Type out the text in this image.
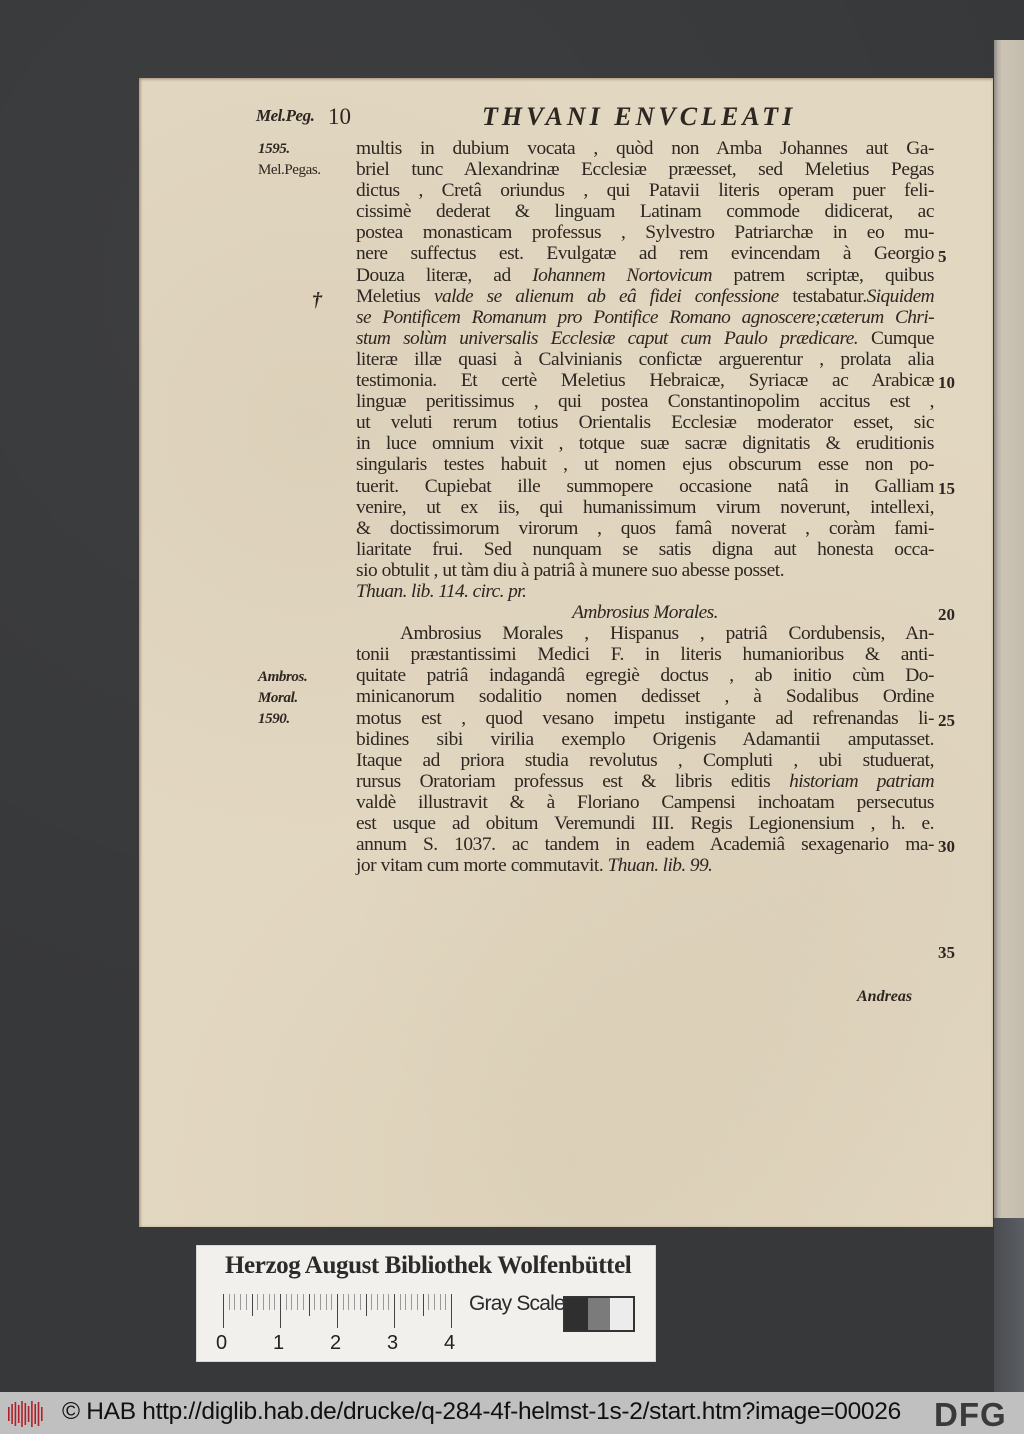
Mel.Peg. 10	THVANI ENVCLEATI
multis in dubium vocata , quòd non Amba Johannes aut Ga-
briel tunc Alexandrinæ Ecclesiæ præesset, sed Meletius Pegas
dictus , Cretâ oriundus , qui Patavii literis operam puer feli-
cissimè dederat & linguam Latinam commode didicerat, ac
postea monasticam professus , Sylvestro Patriarchæ in eo mu-
nere suffectus est. Evulgatæ ad rem evincendam à Georgio
Douza literæ, ad Iohannem Nortovicum patrem scriptæ, quibus
Meletius valde se alienum ab eâ fidei confessione testabatur.Siquidem
se Pontificem Romanum pro Pontifice Romano agnoscere;cæterum Chri-
stum solùm universalis Ecclesiæ caput cum Paulo prædicare. Cumque
literæ illæ quasi à Calvinianis confictæ arguerentur , prolata alia
testimonia. Et certè Meletius Hebraicæ, Syriacæ ac Arabicæ
linguæ peritissimus , qui postea Constantinopolim accitus est ,
ut veluti rerum totius Orientalis Ecclesiæ moderator esset, sic
in luce omnium vixit , totque suæ sacræ dignitatis & eruditionis
singularis testes habuit , ut nomen ejus obscurum esse non po-
tuerit. Cupiebat ille summopere occasione natâ in Galliam
venire, ut ex iis, qui humanissimum virum noverunt, intellexi,
& doctissimorum virorum , quos famâ noverat , coràm fami-
liaritate frui. Sed nunquam se satis digna aut honesta occa-
sio obtulit , ut tàm diu à patriâ à munere suo abesse posset.
Thuan. lib. 114. circ. pr.
Ambrosius Morales.
Ambrosius Morales , Hispanus , patriâ Cordubensis, An-
tonii præstantissimi Medici F. in literis humanioribus & anti-
quitate patriâ indagandâ egregiè doctus , ab initio cùm Do-
minicanorum sodalitio nomen dedisset , à Sodalibus Ordine
motus est , quod vesano impetu instigante ad refrenandas li-
bidines sibi virilia exemplo Origenis Adamantii amputasset.
Itaque ad priora studia revolutus , Compluti , ubi studuerat,
rursus Oratoriam professus est & libris editis historiam patriam
valdè illustravit & à Floriano Campensi inchoatam persecutus
est usque ad obitum Veremundi III. Regis Legionensium , h. e.
annum S. 1037. ac tandem in eadem Academiâ sexagenario ma-
jor vitam cum morte commutavit. Thuan. lib. 99.
1595.
Mel.Pegas.
†
Ambros.
Moral.
1590.
5
10
15
20
25
30
35
Andreas
Herzog August Bibliothek Wolfenbüttel
Gray Scale
0 1 2 3 4
© HAB http://diglib.hab.de/drucke/q-284-4f-helmst-1s-2/start.htm?image=00026 DFG
